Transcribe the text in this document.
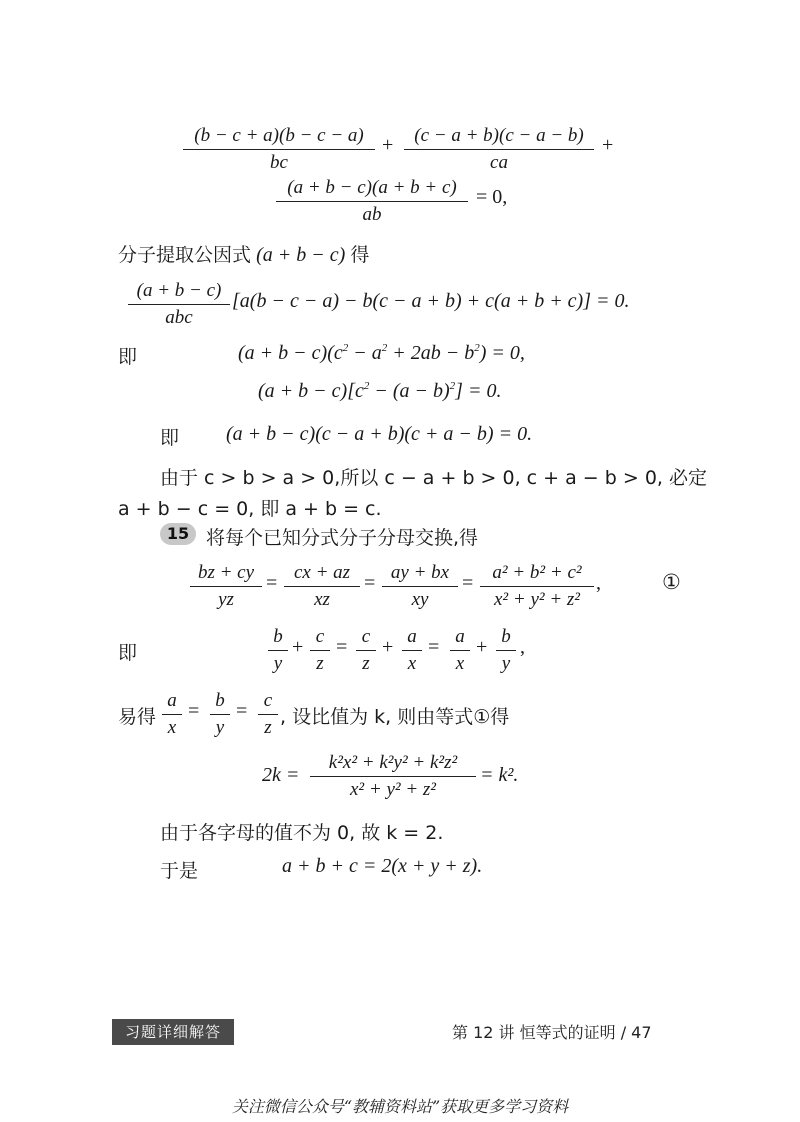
(b − c + a)(b − c − a)
bc
+ (c − a + b)(c − a − b)
ca
+
(a + b − c)(a + b + c)
ab
= 0,
分子提取公因式 (a + b − c) 得
(a + b − c)
abc
[a(b − c − a) − b(c − a + b) + c(a + b + c)] = 0.
即	$(a + b - c)(c^2 - a^2 + 2ab - b^2) = 0$,
$(a + b - c)[c^2 - (a - b)^2] = 0$.
即 (a + b − c)(c − a + b)(c + a − b) = 0.
由于 c > b > a > 0,所以 c − a + b > 0, c + a − b > 0, 必定
a + b − c = 0, 即 a + b = c.
15 将每个已知分式分子分母交换,得
bz + cy
yz
= cx + az
xz
= ay + bx
xy
= a² + b² + c²
x² + y² + z²
,	①
即
b
y
+ c
z
= c
z
+ a
x
= a
x
+ b
y
,
易得
a
x
= b
y
= c
z , 设比值为 k, 则由等式①得
2k =
k²x² + k²y² + k²z²
x² + y² + z²
= k².
由于各字母的值不为 0, 故 k = 2.
于是	a + b + c = 2(x + y + z).
习题详细解答	第 12 讲 恒等式的证明 / 47
关注微信公众号“教辅资料站”获取更多学习资料
